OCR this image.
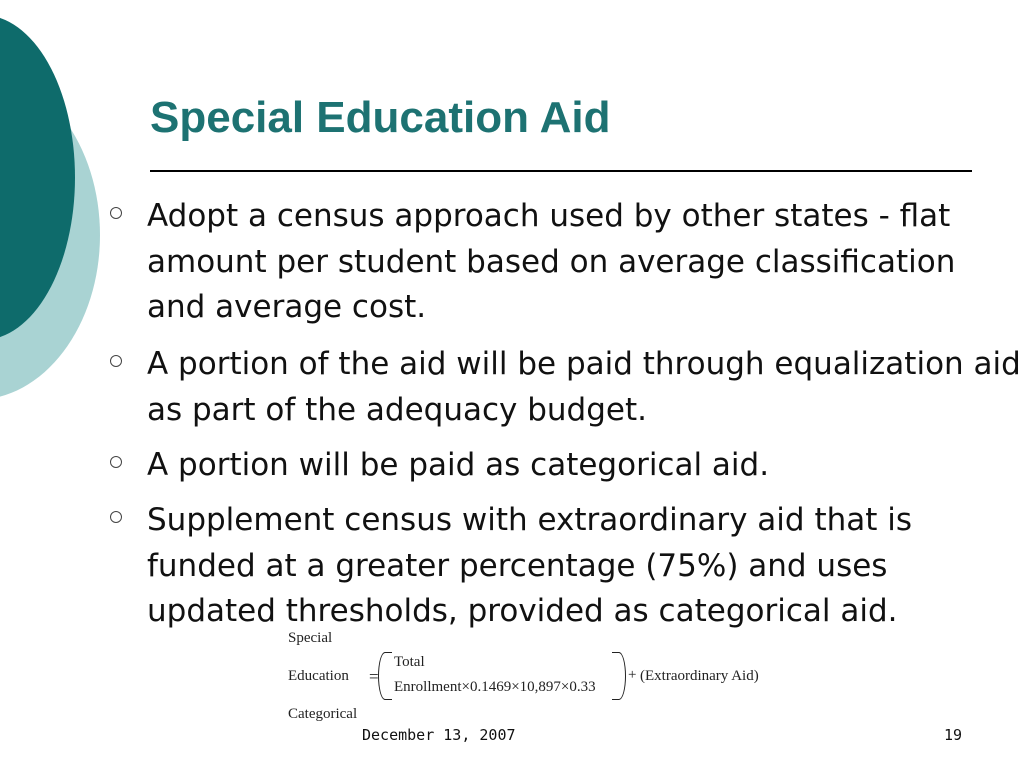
Special Education Aid
Adopt a census approach used by other states - flat amount per student based on average classification and average cost.
A portion of the aid will be paid through equalization aid as part of the adequacy budget.
A portion will be paid as categorical aid.
Supplement census with extraordinary aid that is funded at a greater percentage (75%) and uses updated thresholds, provided as categorical aid.
Special
Education
Categorical
=
Total
Enrollment×0.1469×10,897×0.33
+ (Extraordinary Aid)
December 13, 2007	19
